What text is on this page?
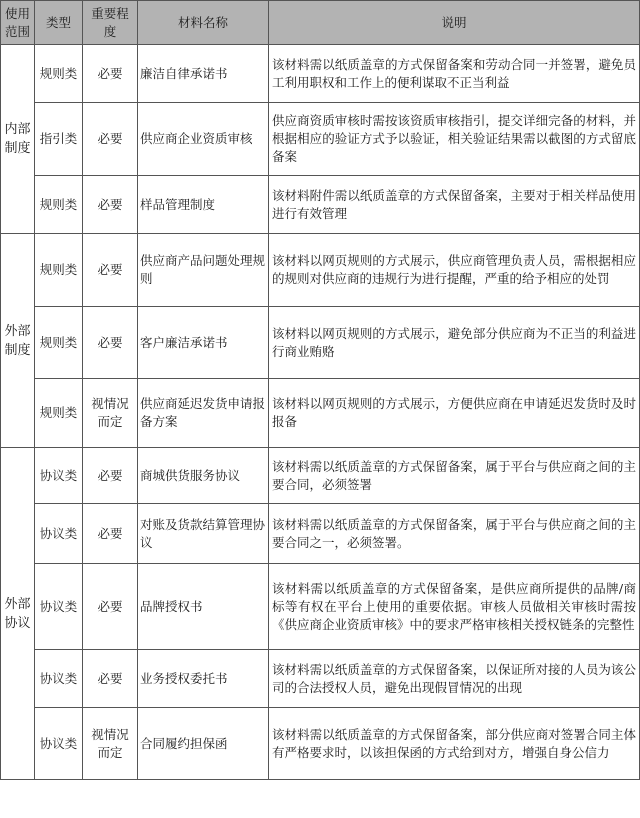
使用范围	类型	重要程度	材料名称	说明
内部制度	规则类	必要	廉洁自律承诺书	该材料需以纸质盖章的方式保留备案和劳动合同一并签署，避免员工利用职权和工作上的便利谋取不正当利益
	指引类	必要	供应商企业资质审核	供应商资质审核时需按该资质审核指引，提交详细完备的材料，并根据相应的验证方式予以验证，相关验证结果需以截图的方式留底备案
	规则类	必要	样品管理制度	该材料附件需以纸质盖章的方式保留备案，主要对于相关样品使用进行有效管理
外部制度	规则类	必要	供应商产品问题处理规则	该材料以网页规则的方式展示，供应商管理负责人员，需根据相应的规则对供应商的违规行为进行提醒，严重的给予相应的处罚
	规则类	必要	客户廉洁承诺书	该材料以网页规则的方式展示，避免部分供应商为不正当的利益进行商业贿赂
	规则类	视情况而定	供应商延迟发货申请报备方案	该材料以网页规则的方式展示，方便供应商在申请延迟发货时及时报备
外部协议	协议类	必要	商城供货服务协议	该材料需以纸质盖章的方式保留备案，属于平台与供应商之间的主要合同，必须签署
	协议类	必要	对账及货款结算管理协议	该材料需以纸质盖章的方式保留备案，属于平台与供应商之间的主要合同之一，必须签署。
	协议类	必要	品牌授权书	该材料需以纸质盖章的方式保留备案，是供应商所提供的品牌/商标等有权在平台上使用的重要依据。审核人员做相关审核时需按《供应商企业资质审核》中的要求严格审核相关授权链条的完整性
	协议类	必要	业务授权委托书	该材料需以纸质盖章的方式保留备案，以保证所对接的人员为该公司的合法授权人员，避免出现假冒情况的出现
	协议类	视情况而定	合同履约担保函	该材料需以纸质盖章的方式保留备案，部分供应商对签署合同主体有严格要求时，以该担保函的方式给到对方，增强自身公信力
